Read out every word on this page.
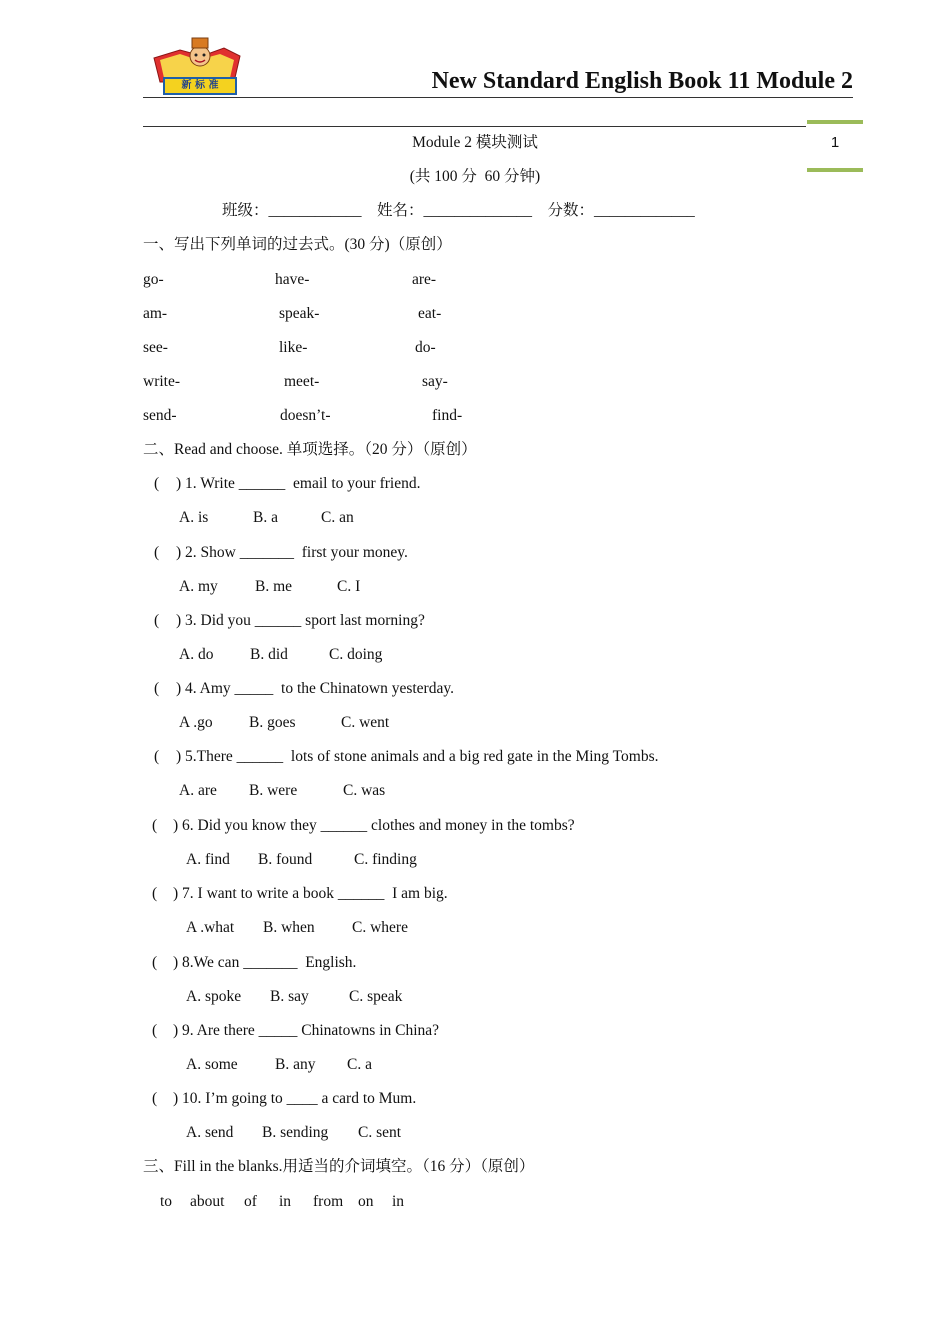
新 标 准	New Standard English Book 11 Module 2
1
Module 2 模块测试
(共 100 分  60 分钟)
班级：____________ 姓名：______________ 分数：_____________
一、写出下列单词的过去式。(30 分)（原创）
go-	have-	are-
am-	speak-	eat-
see-	like-	do-
write-	meet-	say-
send-	doesn’t-	find-
二、Read and choose. 单项选择。（20 分）（原创）
( ) 1. Write ______  email to your friend.
A. is	B. a	C. an
( ) 2. Show _______  first your money.
A. my B. me	C. I
( ) 3. Did you ______ sport last morning?
A. do B. did	C. doing
( ) 4. Amy _____  to the Chinatown yesterday.
A .go B. goes	C. went
( ) 5.There ______  lots of stone animals and a big red gate in the Ming Tombs.
A. are B. were	C. was
( ) 6. Did you know they ______ clothes and money in the tombs?
A. find B. found	C. finding
( ) 7. I want to write a book ______  I am big.
A .what B. when C. where
( ) 8.We can _______  English.
A. spoke B. say	C. speak
( ) 9. Are there _____ Chinatowns in China?
A. some B. any C. a
( ) 10. I’m going to ____ a card to Mum.
A. send B. sending C. sent
三、Fill in the blanks.用适当的介词填空。（16 分）（原创）
to about of in from on in
